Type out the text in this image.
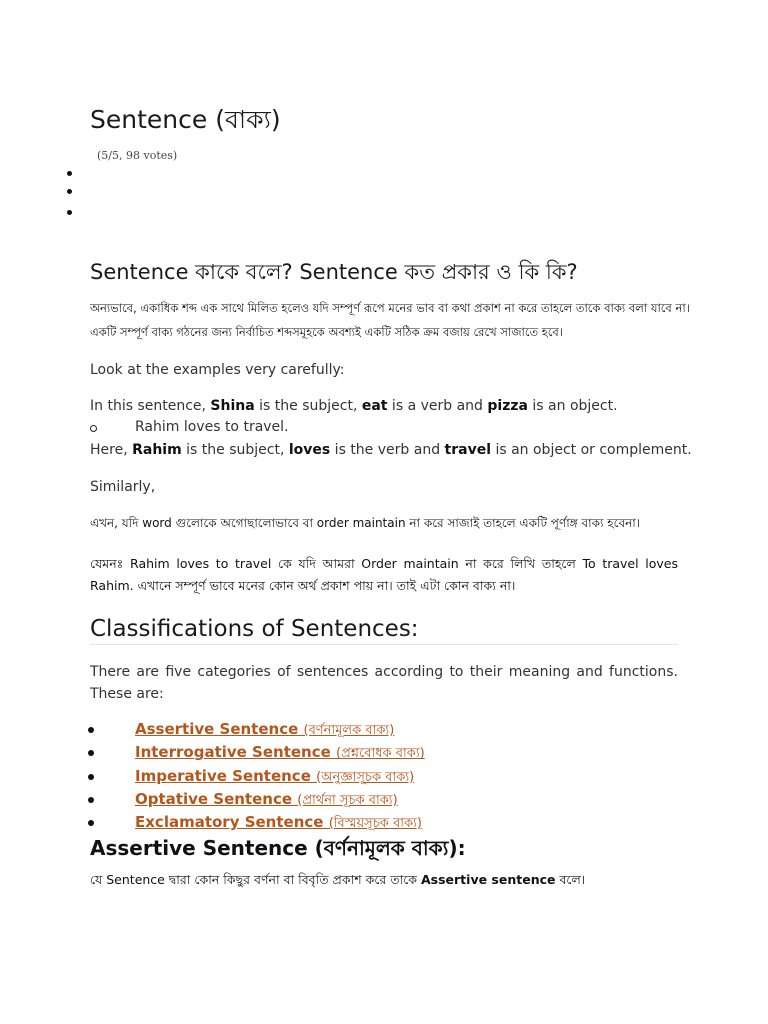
Sentence (বাক্য)
(5/5, 98 votes)
Sentence কাকে বলে? Sentence কত প্রকার ও কি কি?
অন্যভাবে, একাধিক শব্দ এক সাথে মিলিত হলেও যদি সম্পূর্ণ রূপে মনের ভাব বা কথা প্রকাশ না করে তাহলে তাকে বাক্য বলা যাবে না।
একটি সম্পূর্ণ বাক্য গঠনের জন্য নির্বাচিত শব্দসমূহকে অবশ্যই একটি সঠিক ক্রম বজায় রেখে সাজাতে হবে।
Look at the examples very carefully:
In this sentence, Shina is the subject, eat is a verb and pizza is an object.
Rahim loves to travel.
Here, Rahim is the subject, loves is the verb and travel is an object or complement.
Similarly,
এখন, যদি word গুলোকে অগোছালোভাবে বা order maintain না করে সাজাই তাহলে একটি পূর্ণাঙ্গ বাক্য হবেনা।
যেমনঃ Rahim loves to travel কে যদি আমরা Order maintain না করে লিখি তাহলে To travel loves Rahim. এখানে সম্পূর্ণ ভাবে মনের কোন অর্থ প্রকাশ পায় না। তাই এটা কোন বাক্য না।
Classifications of Sentences:
There are five categories of sentences according to their meaning and functions. These are:
Assertive Sentence (বর্ণনামূলক বাক্য)
Interrogative Sentence (প্রশ্নবোধক বাক্য)
Imperative Sentence (অনুজ্ঞাসূচক বাক্য)
Optative Sentence (প্রার্থনা সূচক বাক্য)
Exclamatory Sentence (বিস্ময়সূচক বাক্য)
Assertive Sentence (বর্ণনামূলক বাক্য):
যে Sentence দ্বারা কোন কিছুর বর্ণনা বা বিবৃতি প্রকাশ করে তাকে Assertive sentence বলে।
